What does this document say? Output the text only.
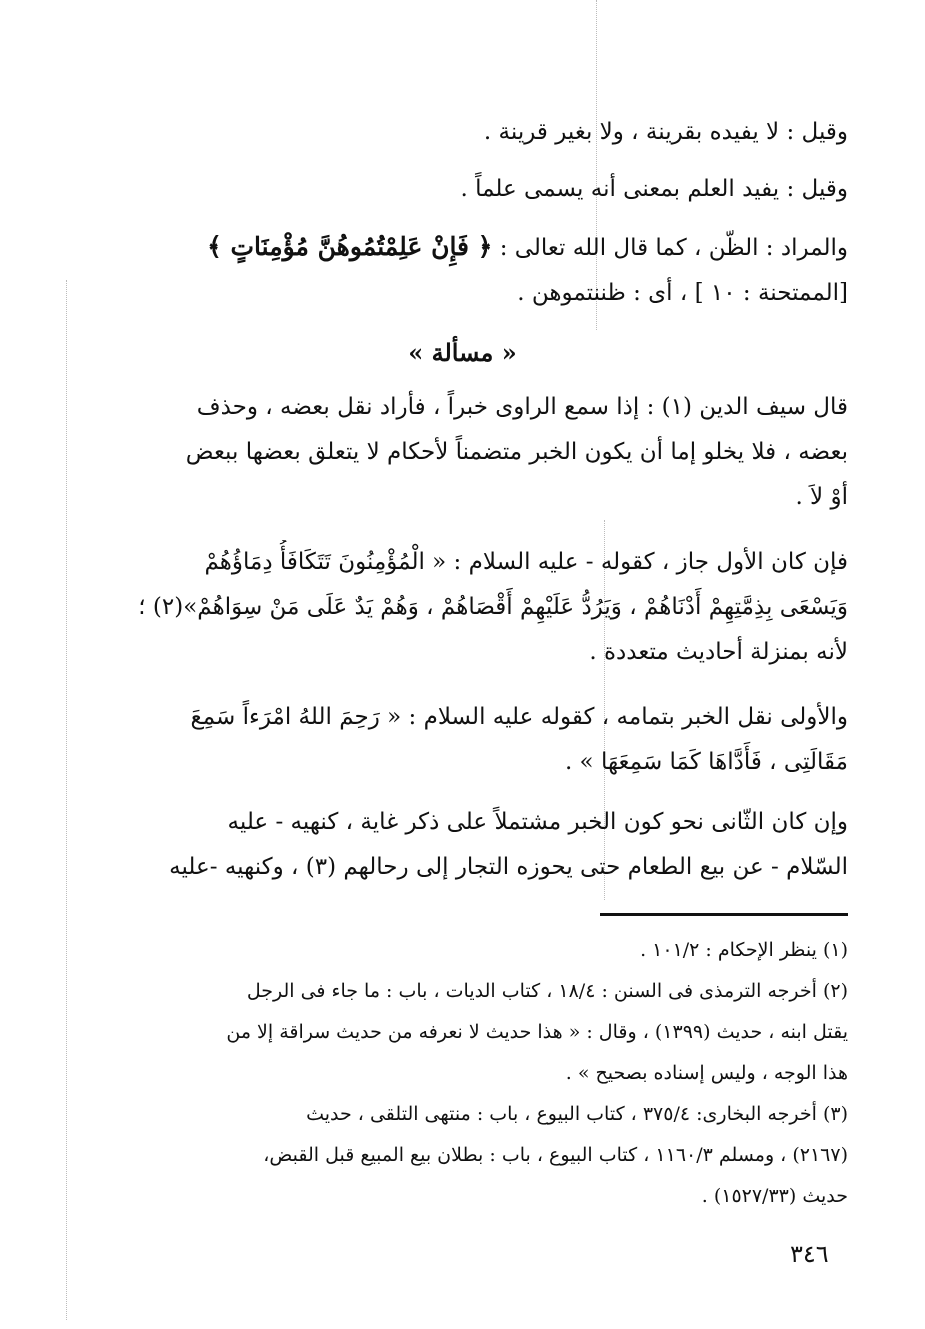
وقيل : لا يفيده بقرينة ، ولا بغير قرينة .
وقيل : يفيد العلم بمعنى أنه يسمى علماً .
والمراد : الظّن ، كما قال الله تعالى : ﴿ فَإِنْ عَلِمْتُمُوهُنَّ مُؤْمِنَاتٍ ﴾
[الممتحنة : ١٠ ] ، أى : ظننتموهن .
« مسألة »
قال سيف الدين (١) : إذا سمع الراوى خبراً ، فأراد نقل بعضه ، وحذف
بعضه ، فلا يخلو إما أن يكون الخبر متضمناً لأحكام لا يتعلق بعضها ببعض
أوْ لاَ .
فإن كان الأول جاز ، كقوله - عليه السلام : « الْمُؤْمِنُونَ تَتَكَافَأُ دِمَاؤُهُمْ
وَيَسْعَى بِذِمَّتِهِمْ أَدْنَاهُمْ ، وَيَرُدُّ عَلَيْهِمْ أَقْصَاهُمْ ، وَهُمْ يَدٌ عَلَى مَنْ سِوَاهُمْ»(٢) ؛
لأنه بمنزلة أحاديث متعددة .
والأولى نقل الخبر بتمامه ، كقوله عليه السلام : « رَحِمَ اللهُ امْرَءاً سَمِعَ
مَقَالَتِى ، فَأَدَّاهَا كَمَا سَمِعَهَا » .
وإن كان الثّانى نحو كون الخبر مشتملاً على ذكر غاية ، كنهيه - عليه
السّلام - عن بيع الطعام حتى يحوزه التجار إلى رحالهم (٣) ، وكنهيه -عليه
(١) ينظر الإحكام : ١٠١/٢ .
(٢) أخرجه الترمذى فى السنن : ١٨/٤ ، كتاب الديات ، باب : ما جاء فى الرجل
يقتل ابنه ، حديث (١٣٩٩) ، وقال : « هذا حديث لا نعرفه من حديث سراقة إلا من
هذا الوجه ، وليس إسناده بصحيح » .
(٣) أخرجه البخارى: ٣٧٥/٤ ، كتاب البيوع ، باب : منتهى التلقى ، حديث
(٢١٦٧) ، ومسلم ١١٦٠/٣ ، كتاب البيوع ، باب : بطلان بيع المبيع قبل القبض،
حديث (١٥٢٧/٣٣) .
٣٤٦
